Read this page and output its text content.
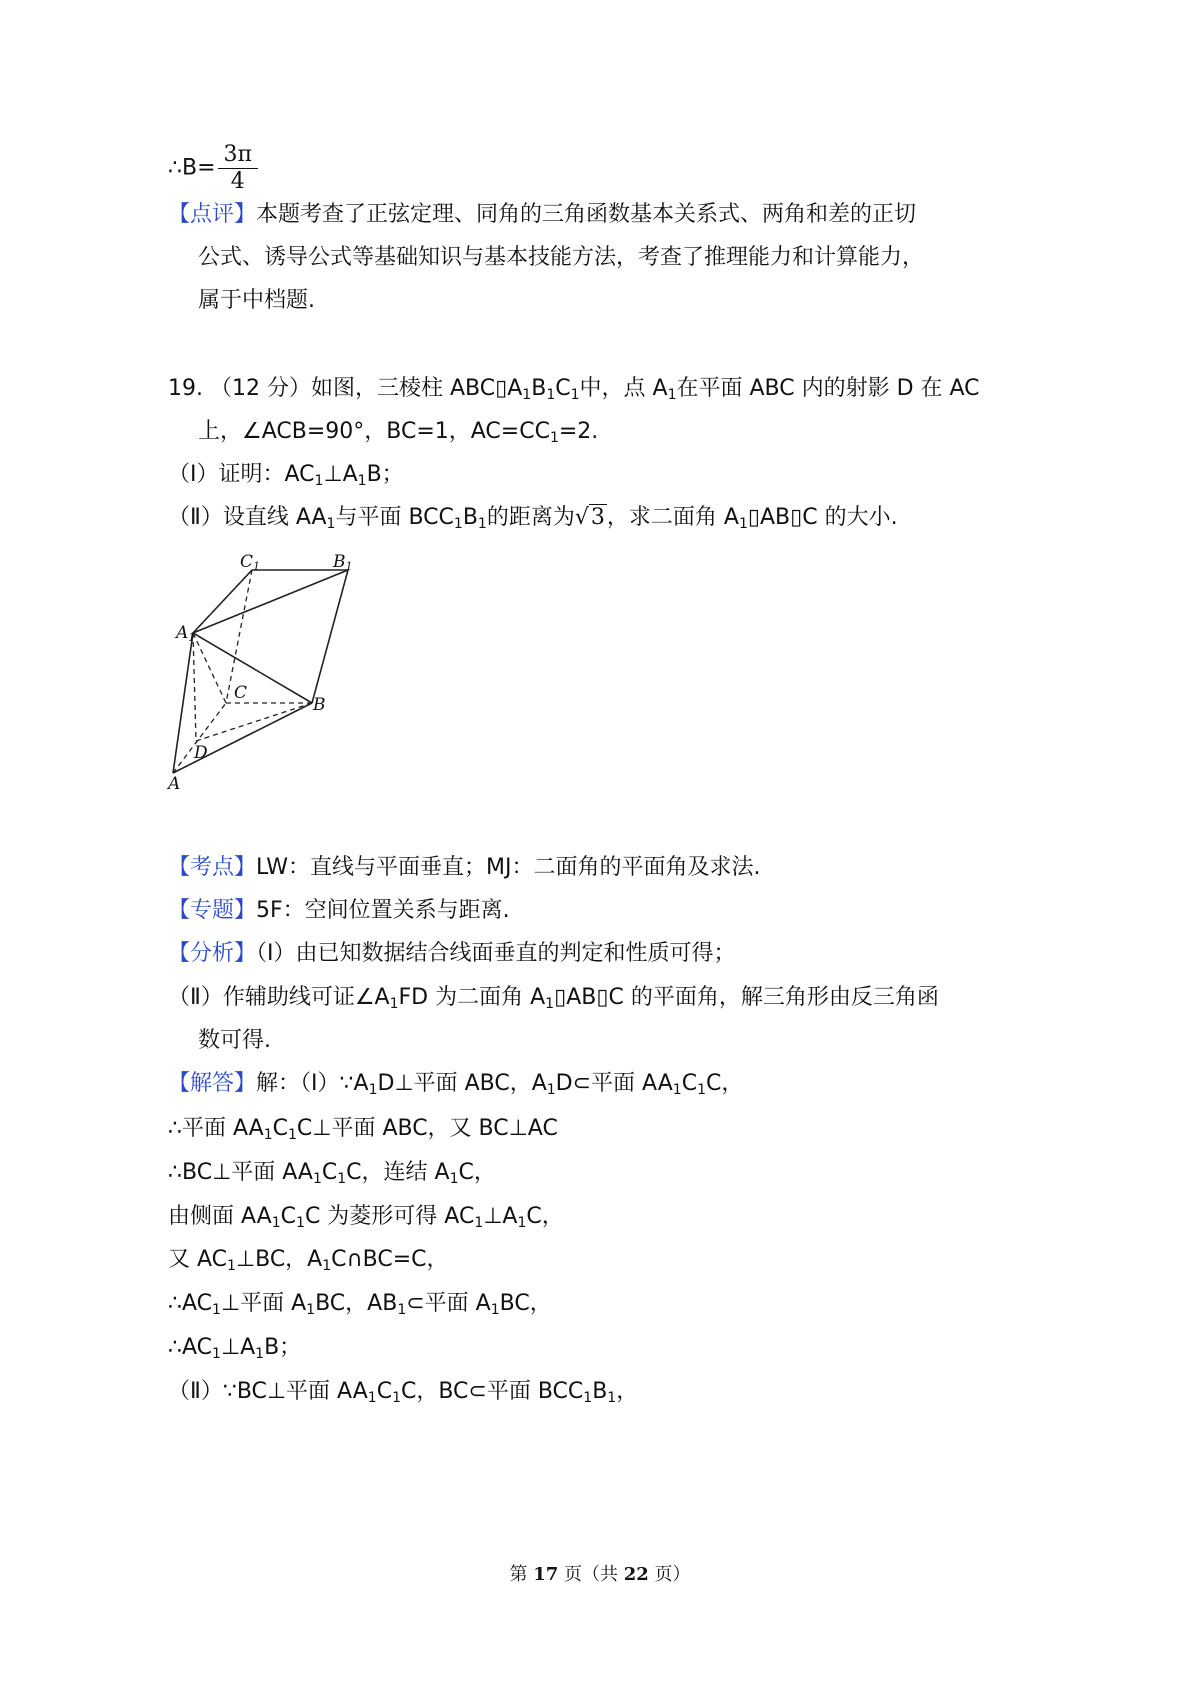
∴B= $\frac{3\pi}{4}$
【点评】本题考查了正弦定理、同角的三角函数基本关系式、两角和差的正切
公式、诱导公式等基础知识与基本技能方法，考查了推理能力和计算能力，
属于中档题.
19. （12 分）如图，三棱柱 $ABC▯A_1B_1C_1$中，点 $A_1$在平面 ABC 内的射影 D 在 AC
上，∠ACB=90°，BC=1，$AC=CC_1=2$.
（Ⅰ）证明：$AC_1\perp A_1B$；
（Ⅱ）设直线 $AA_1$与平面 $BCC_1B_1$的距离为√3，求二面角 $A_1▯AB▯C$ 的大小.
C1	B1
A1
C
B
D
A
【考点】LW：直线与平面垂直；MJ：二面角的平面角及求法.
【专题】5F：空间位置关系与距离.
【分析】（Ⅰ）由已知数据结合线面垂直的判定和性质可得；
（Ⅱ）作辅助线可证$\angle A_1FD$ 为二面角 $A_1▯AB▯C$ 的平面角，解三角形由反三角函
数可得.
【解答】解：$(Ⅰ)\because A_1D\perp$平面 ABC，$A_1D\subset$平面 $AA_1C_1C$，
∴平面 $AA_1C_1C\perp$平面 ABC，又 BC⊥AC
∴BC⊥平面 $AA_1C_1C$，连结 $A_1C$，
由侧面 $AA_1C_1C$ 为菱形可得 $AC_1\perp A_1C$，
又 $AC_1\perp BC$，$A_1C\cap BC=C$，
$\therefore AC_1\perp$平面 $A_1BC$，$AB_1\subset$平面 $A_1BC$，
$\therefore AC_1\perp A_1B$；
（Ⅱ）∵BC⊥平面 $AA_1C_1C$，BC⊂平面 $BCC_1B_1$，
第 17 页（共 22 页）
